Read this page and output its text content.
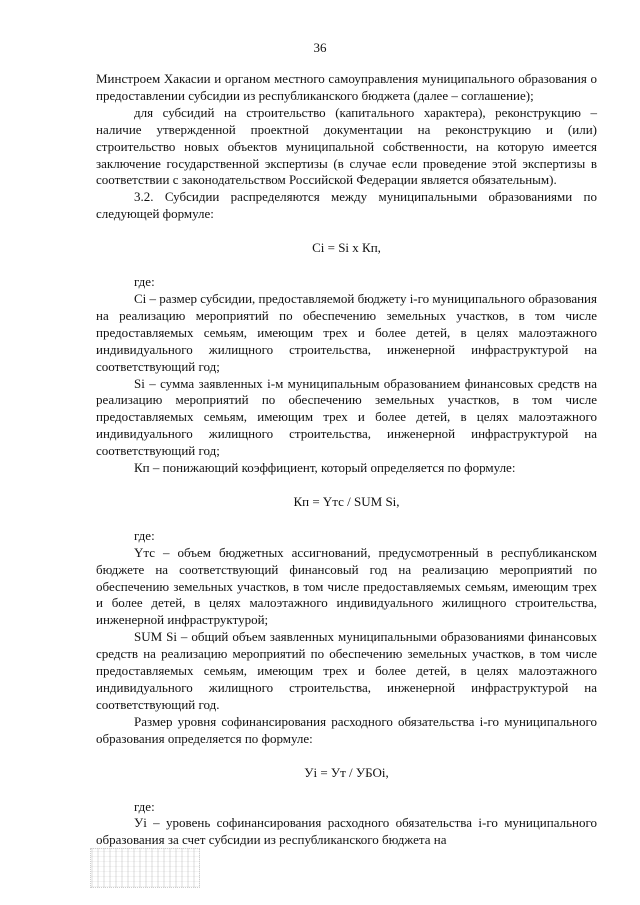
36

Минстроем Хакасии и органом местного самоуправления муниципального образования о предоставлении субсидии из республиканского бюджета (далее – соглашение);

для субсидий на строительство (капитального характера), реконструкцию – наличие утвержденной проектной документации на реконструкцию и (или) строительство новых объектов муниципальной собственности, на которую имеется заключение государственной экспертизы (в случае если проведение этой экспертизы в соответствии с законодательством Российской Федерации является обязательным).

3.2. Субсидии распределяются между муниципальными образованиями по следующей формуле:

Ci = Si х Кп,

где:

Ci – размер субсидии, предоставляемой бюджету i-го муниципального образования на реализацию мероприятий по обеспечению земельных участков, в том числе предоставляемых семьям, имеющим трех и более детей, в целях малоэтажного индивидуального жилищного строительства, инженерной инфраструктурой на соответствующий год;

Si – сумма заявленных i-м муниципальным образованием финансовых средств на реализацию мероприятий по обеспечению земельных участков, в том числе предоставляемых семьям, имеющим трех и более детей, в целях малоэтажного индивидуального жилищного строительства, инженерной инфраструктурой на соответствующий год;

Кп – понижающий коэффициент, который определяется по формуле:

Кп = Yтс / SUM Si,

где:

Yтс – объем бюджетных ассигнований, предусмотренный в республиканском бюджете на соответствующий финансовый год на реализацию мероприятий по обеспечению земельных участков, в том числе предоставляемых семьям, имеющим трех и более детей, в целях малоэтажного индивидуального жилищного строительства, инженерной инфраструктурой;

SUM Si – общий объем заявленных муниципальными образованиями финансовых средств на реализацию мероприятий по обеспечению земельных участков, в том числе предоставляемых семьям, имеющим трех и более детей, в целях малоэтажного индивидуального жилищного строительства, инженерной инфраструктурой на соответствующий год.

Размер уровня софинансирования расходного обязательства i-го муниципального образования определяется по формуле:

Уi = Ут / УБОi,

где:

Уi – уровень софинансирования расходного обязательства i-го муниципального образования за счет субсидии из республиканского бюджета на
